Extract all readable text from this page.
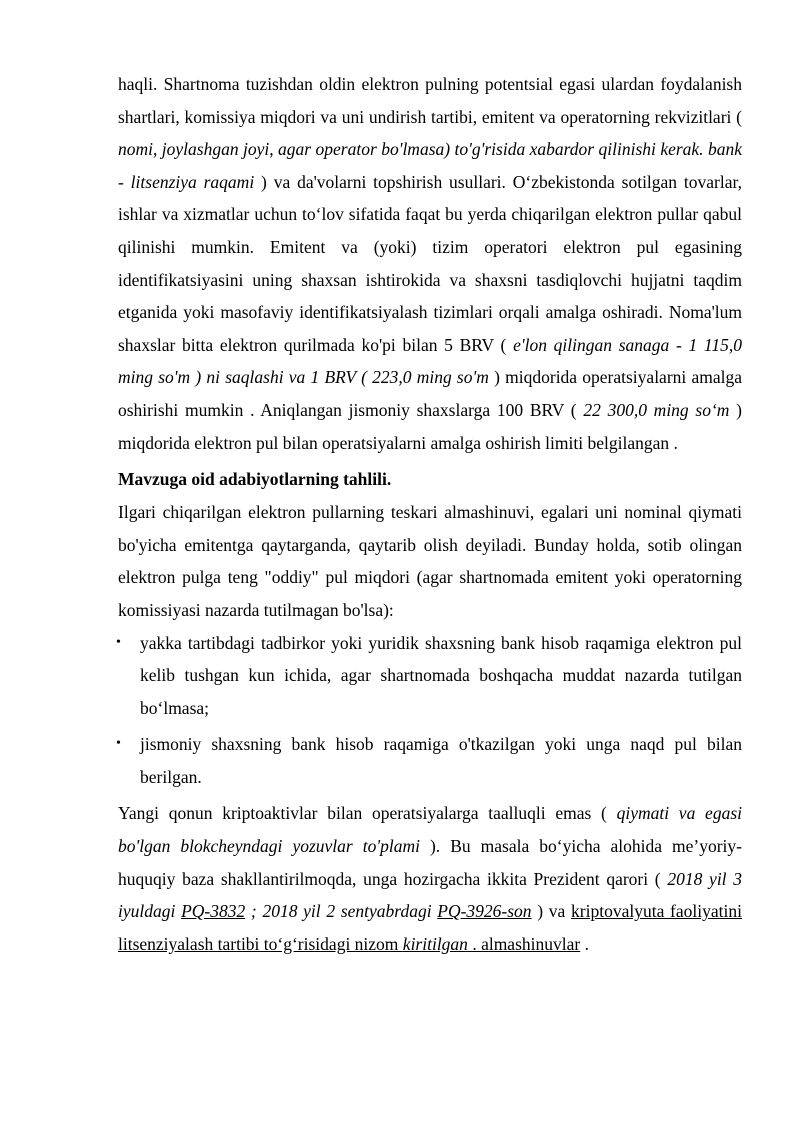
haqli. Shartnoma tuzishdan oldin elektron pulning potentsial egasi ulardan foydalanish shartlari, komissiya miqdori va uni undirish tartibi, emitent va operatorning rekvizitlari ( nomi, joylashgan joyi, agar operator bo'lmasa) to'g'risida xabardor qilinishi kerak. bank - litsenziya raqami ) va da'volarni topshirish usullari. O‘zbekistonda sotilgan tovarlar, ishlar va xizmatlar uchun to‘lov sifatida faqat bu yerda chiqarilgan elektron pullar qabul qilinishi mumkin. Emitent va (yoki) tizim operatori elektron pul egasining identifikatsiyasini uning shaxsan ishtirokida va shaxsni tasdiqlovchi hujjatni taqdim etganida yoki masofaviy identifikatsiyalash tizimlari orqali amalga oshiradi. Noma'lum shaxslar bitta elektron qurilmada ko'pi bilan 5 BRV ( e'lon qilingan sanaga - 1 115,0 ming so'm ) ni saqlashi va 1 BRV ( 223,0 ming so'm ) miqdorida operatsiyalarni amalga oshirishi mumkin . Aniqlangan jismoniy shaxslarga 100 BRV ( 22 300,0 ming so‘m ) miqdorida elektron pul bilan operatsiyalarni amalga oshirish limiti belgilangan .

Mavzuga oid adabiyotlarning tahlili.

Ilgari chiqarilgan elektron pullarning teskari almashinuvi, egalari uni nominal qiymati bo'yicha emitentga qaytarganda, qaytarib olish deyiladi. Bunday holda, sotib olingan elektron pulga teng "oddiy" pul miqdori (agar shartnomada emitent yoki operatorning komissiyasi nazarda tutilmagan bo'lsa):

• yakka tartibdagi tadbirkor yoki yuridik shaxsning bank hisob raqamiga elektron pul kelib tushgan kun ichida, agar shartnomada boshqacha muddat nazarda tutilgan bo‘lmasa;
• jismoniy shaxsning bank hisob raqamiga o'tkazilgan yoki unga naqd pul bilan berilgan.

Yangi qonun kriptoaktivlar bilan operatsiyalarga taalluqli emas ( qiymati va egasi bo'lgan blokcheyndagi yozuvlar to'plami ). Bu masala bo‘yicha alohida me’yoriy-huquqiy baza shakllantirilmoqda, unga hozirgacha ikkita Prezident qarori ( 2018 yil 3 iyuldagi PQ-3832 ; 2018 yil 2 sentyabrdagi PQ-3926-son ) va kriptovalyuta faoliyatini litsenziyalash tartibi to‘g‘risidagi nizom kiritilgan . almashinuvlar .
